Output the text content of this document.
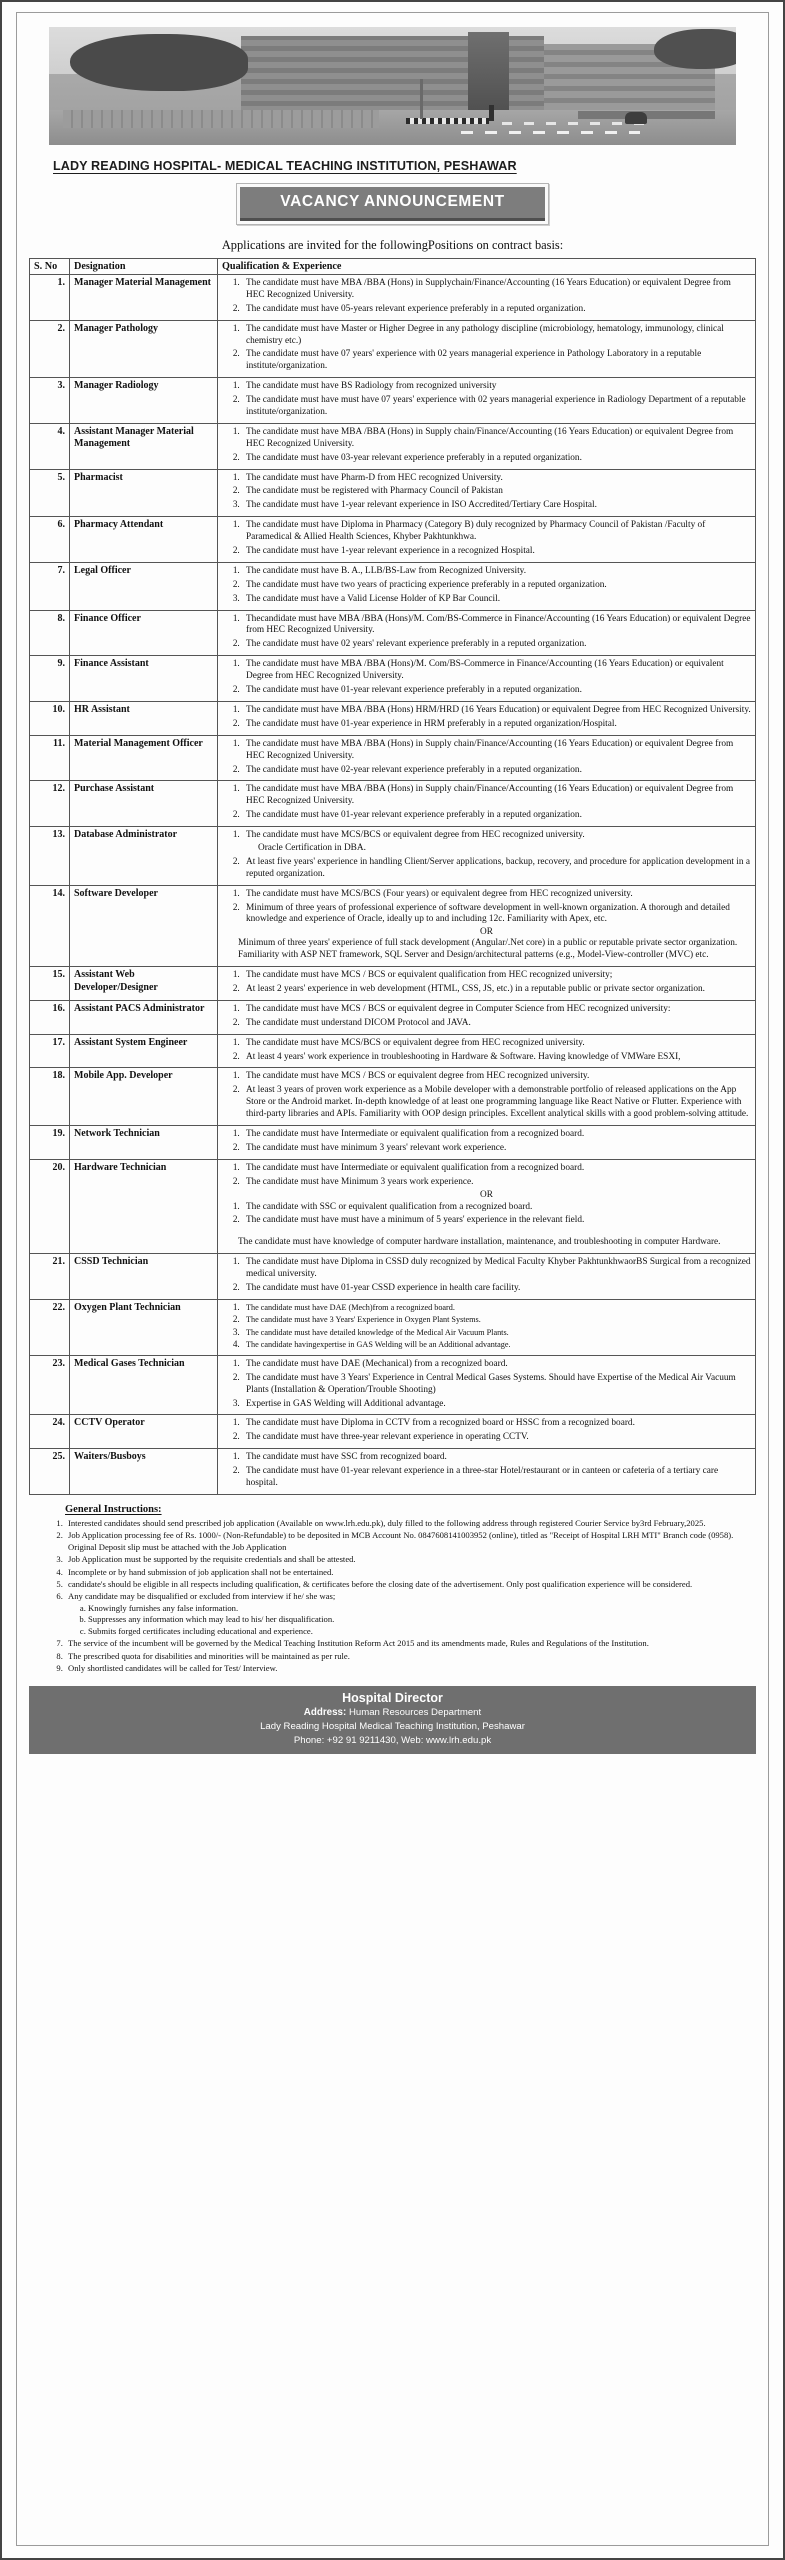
LADY READING HOSPITAL- MEDICAL TEACHING INSTITUTION, PESHAWAR
VACANCY ANNOUNCEMENT
Applications are invited for the followingPositions on contract basis:
S. No	Designation	Qualification & Experience
1.	Manager Material Management	
1.The candidate must have MBA /BBA (Hons) in Supplychain/Finance/Accounting (16 Years Education) or equivalent Degree from HEC Recognized University.
2. The candidate must have 05-years relevant experience preferably in a reputed organization.

2.	Manager Pathology	
1.The candidate must have Master or Higher Degree in any pathology discipline (microbiology, hematology, immunology, clinical chemistry etc.)
2. The candidate must have 07 years' experience with 02 years managerial experience in Pathology Laboratory in a reputable institute/organization.

3.	Manager Radiology	
1.The candidate must have BS Radiology from recognized university
2. The candidate must have must have 07 years' experience with 02 years managerial experience in Radiology Department of a reputable institute/organization.

4.	Assistant Manager Material Management	
1. The candidate must have MBA /BBA (Hons) in Supply chain/Finance/Accounting (16 Years Education) or equivalent Degree from HEC Recognized University.
2. The candidate must have 03-year relevant experience preferably in a reputed organization.

5.	Pharmacist	
1.The candidate must have Pharm-D from HEC recognized University.
2. The candidate must be registered with Pharmacy Council of Pakistan
3. The candidate must have 1-year relevant experience in ISO Accredited/Tertiary Care Hospital.

6.	Pharmacy Attendant	
1.The candidate must have Diploma in Pharmacy (Category B) duly recognized by Pharmacy Council of Pakistan /Faculty of Paramedical & Allied Health Sciences, Khyber Pakhtunkhwa.
2. The candidate must have 1-year relevant experience in a recognized Hospital.

7.	Legal Officer	
1.The candidate must have B. A., LLB/BS-Law from Recognized University.
2. The candidate must have two years of practicing experience preferably in a reputed organization.
3. The candidate must have a Valid License Holder of KP Bar Council.

8.	Finance Officer	
1.Thecandidate must have MBA /BBA (Hons)/M. Com/BS-Commerce in Finance/Accounting (16 Years Education) or equivalent Degree from HEC Recognized University.
2. The candidate must have 02 years' relevant experience preferably in a reputed organization.

9.	Finance Assistant	
1.The candidate must have MBA /BBA (Hons)/M. Com/BS-Commerce in Finance/Accounting (16 Years Education) or equivalent Degree from HEC Recognized University.
2. The candidate must have 01-year relevant experience preferably in a reputed organization.

10.	HR Assistant	
1.The candidate must have MBA /BBA (Hons) HRM/HRD (16 Years Education) or equivalent Degree from HEC Recognized University.
2. The candidate must have 01-year experience in HRM preferably in a reputed organization/Hospital.

11.	Material Management Officer	
1.The candidate must have MBA /BBA (Hons) in Supply chain/Finance/Accounting (16 Years Education) or equivalent Degree from HEC Recognized University.
2. The candidate must have 02-year relevant experience preferably in a reputed organization.

12.	Purchase Assistant	
1.The candidate must have MBA /BBA (Hons) in Supply chain/Finance/Accounting (16 Years Education) or equivalent Degree from HEC Recognized University.
2. The candidate must have 01-year relevant experience preferably in a reputed organization.

13.	Database Administrator	
1.The candidate must have MCS/BCS or equivalent degree from HEC recognized university.
Oracle Certification in DBA.
2. At least five years' experience in handling Client/Server applications, backup, recovery, and procedure for application development in a reputed organization.

14.	Software Developer	
1.The candidate must have MCS/BCS (Four years) or equivalent degree from HEC recognized university.
2. Minimum of three years of professional experience of software development in well-known organization. A thorough and detailed knowledge and experience of Oracle, ideally up to and including 12c. Familiarity with Apex, etc.
OR
Minimum of three years' experience of full stack development (Angular/.Net core) in a public or reputable private sector organization. Familiarity with ASP NET framework, SQL Server and Design/architectural patterns (e.g., Model-View-controller (MVC) etc.

15.	Assistant Web Developer/Designer	
1. The candidate must have MCS / BCS or equivalent qualification from HEC recognized university;
2. At least 2 years' experience in web development (HTML, CSS, JS, etc.) in a reputable public or private sector organization.

16.	Assistant PACS Administrator	
1.The candidate must have MCS / BCS or equivalent degree in Computer Science from HEC recognized university:
2. The candidate must understand DICOM Protocol and JAVA.

17.	Assistant System Engineer	
1.The candidate must have MCS/BCS or equivalent degree from HEC recognized university.
2. At least 4 years' work experience in troubleshooting in Hardware & Software. Having knowledge of VMWare ESXI,

18.	Mobile App. Developer	
1.The candidate must have MCS / BCS or equivalent degree from HEC recognized university.
2. At least 3 years of proven work experience as a Mobile developer with a demonstrable portfolio of released applications on the App Store or the Android market. In-depth knowledge of at least one programming language like React Native or Flutter. Experience with third-party libraries and APIs. Familiarity with OOP design principles. Excellent analytical skills with a good problem-solving attitude.

19.	Network Technician	
1.The candidate must have Intermediate or equivalent qualification from a recognized board.
2. The candidate must have minimum 3 years' relevant work experience.

20.	Hardware Technician	
1.The candidate must have Intermediate or equivalent qualification from a recognized board.
2. The candidate must have Minimum 3 years work experience.
OR
1. The candidate with SSC or equivalent qualification from a recognized board.
2. The candidate must have must have a minimum of 5 years' experience in the relevant field.
The candidate must have knowledge of computer hardware installation, maintenance, and troubleshooting in computer Hardware.

21.	CSSD Technician	
1.The candidate must have Diploma in CSSD duly recognized by Medical Faculty Khyber PakhtunkhwaorBS Surgical from a recognized medical university.
2. The candidate must have 01-year CSSD experience in health care facility.

22.	Oxygen Plant Technician	
1.The candidate must have DAE (Mech)from a recognized board.
2. The candidate must have 3 Years' Experience in Oxygen Plant Systems.
3. The candidate must have detailed knowledge of the Medical Air Vacuum Plants.
4. The candidate havingexpertise in GAS Welding will be an Additional advantage.

23.	Medical Gases Technician	
1.The candidate must have DAE (Mechanical) from a recognized board.
2. The candidate must have 3 Years' Experience in Central Medical Gases Systems. Should have Expertise of the Medical Air Vacuum Plants (Installation & Operation/Trouble Shooting)
3. Expertise in GAS Welding will Additional advantage.

24.	CCTV Operator	
1.The candidate must have Diploma in CCTV from a recognized board or HSSC from a recognized board.
2. The candidate must have three-year relevant experience in operating CCTV.

25.	Waiters/Busboys	
1.The candidate must have SSC from recognized board.
2. The candidate must have 01-year relevant experience in a three-star Hotel/restaurant or in canteen or cafeteria of a tertiary care hospital.
General Instructions:
1. Interested candidates should send prescribed job application (Available on www.lrh.edu.pk), duly filled to the following address through registered Courier Service by3rd February,2025.
2. Job Application processing fee of Rs. 1000/- (Non-Refundable) to be deposited in MCB Account No. 0847608141003952 (online), titled as "Receipt of Hospital LRH MTI" Branch code (0958). Original Deposit slip must be attached with the Job Application
3. Job Application must be supported by the requisite credentials and shall be attested.
4. Incomplete or by hand submission of job application shall not be entertained.
5. candidate's should be eligible in all respects including qualification, & certificates before the closing date of the advertisement. Only post qualification experience will be considered.
6. Any candidate may be disqualified or excluded from interview if he/ she was;
a. Knowingly furnishes any false information.
b. Suppresses any information which may lead to his/ her disqualification.
c. Submits forged certificates including educational and experience.
7. The service of the incumbent will be governed by the Medical Teaching Institution Reform Act 2015 and its amendments made, Rules and Regulations of the Institution.
8. The prescribed quota for disabilities and minorities will be maintained as per rule.
9. Only shortlisted candidates will be called for Test/ Interview.
Hospital Director
Address: Human Resources Department
Lady Reading Hospital Medical Teaching Institution, Peshawar
Phone: +92 91 9211430, Web: www.lrh.edu.pk
